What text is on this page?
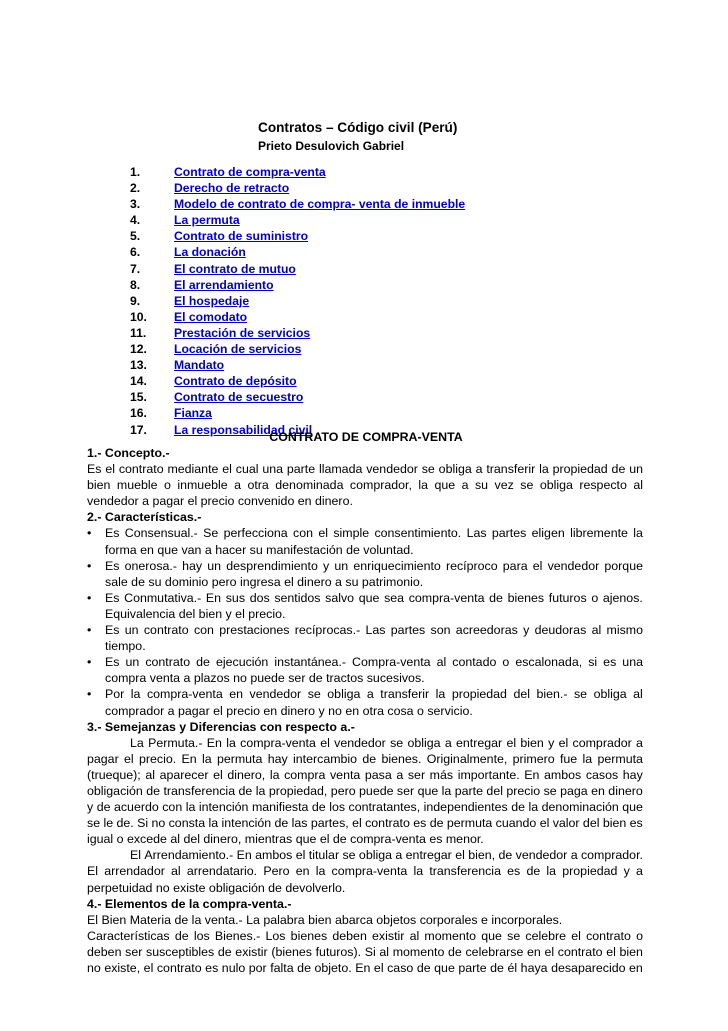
Contratos – Código civil (Perú)
Prieto Desulovich Gabriel
1.	Contrato de compra-venta
2.	Derecho de retracto
3.	Modelo de contrato de compra- venta de inmueble
4.	La permuta
5.	Contrato de suministro
6.	La donación
7.	El contrato de mutuo
8.	El arrendamiento
9.	El hospedaje
10. El comodato
11. Prestación de servicios
12. Locación de servicios
13. Mandato
14. Contrato de depósito
15. Contrato de secuestro
16. Fianza
17. La responsabilidad civil
CONTRATO DE COMPRA-VENTA
1.- Concepto.-
Es el contrato mediante el cual una parte llamada vendedor se obliga a transferir la propiedad de un
bien mueble o inmueble a otra denominada comprador, la que a su vez se obliga respecto al
vendedor a pagar el precio convenido en dinero.
2.- Características.-
• Es Consensual.- Se perfecciona con el simple consentimiento. Las partes eligen libremente la
forma en que van a hacer su manifestación de voluntad.
• Es onerosa.- hay un desprendimiento y un enriquecimiento recíproco para el vendedor porque
sale de su dominio pero ingresa el dinero a su patrimonio.
• Es Conmutativa.- En sus dos sentidos salvo que sea compra-venta de bienes futuros o ajenos.
Equivalencia del bien y el precio.
• Es un contrato con prestaciones recíprocas.- Las partes son acreedoras y deudoras al mismo
tiempo.
• Es un contrato de ejecución instantánea.- Compra-venta al contado o escalonada, si es una
compra venta a plazos no puede ser de tractos sucesivos.
• Por la compra-venta en vendedor se obliga a transferir la propiedad del bien.- se obliga al
comprador a pagar el precio en dinero y no en otra cosa o servicio.
3.- Semejanzas y Diferencias con respecto a.-
La Permuta.- En la compra-venta el vendedor se obliga a entregar el bien y el comprador a
pagar el precio. En la permuta hay intercambio de bienes. Originalmente, primero fue la permuta
(trueque); al aparecer el dinero, la compra venta pasa a ser más importante. En ambos casos hay
obligación de transferencia de la propiedad, pero puede ser que la parte del precio se paga en dinero
y de acuerdo con la intención manifiesta de los contratantes, independientes de la denominación que
se le de. Si no consta la intención de las partes, el contrato es de permuta cuando el valor del bien es
igual o excede al del dinero, mientras que el de compra-venta es menor.
El Arrendamiento.- En ambos el titular se obliga a entregar el bien, de vendedor a comprador.
El arrendador al arrendatario. Pero en la compra-venta la transferencia es de la propiedad y a
perpetuidad no existe obligación de devolverlo.
4.- Elementos de la compra-venta.-
El Bien Materia de la venta.- La palabra bien abarca objetos corporales e incorporales.
Características de los Bienes.- Los bienes deben existir al momento que se celebre el contrato o
deben ser susceptibles de existir (bienes futuros). Si al momento de celebrarse en el contrato el bien
no existe, el contrato es nulo por falta de objeto. En el caso de que parte de él haya desaparecido en
